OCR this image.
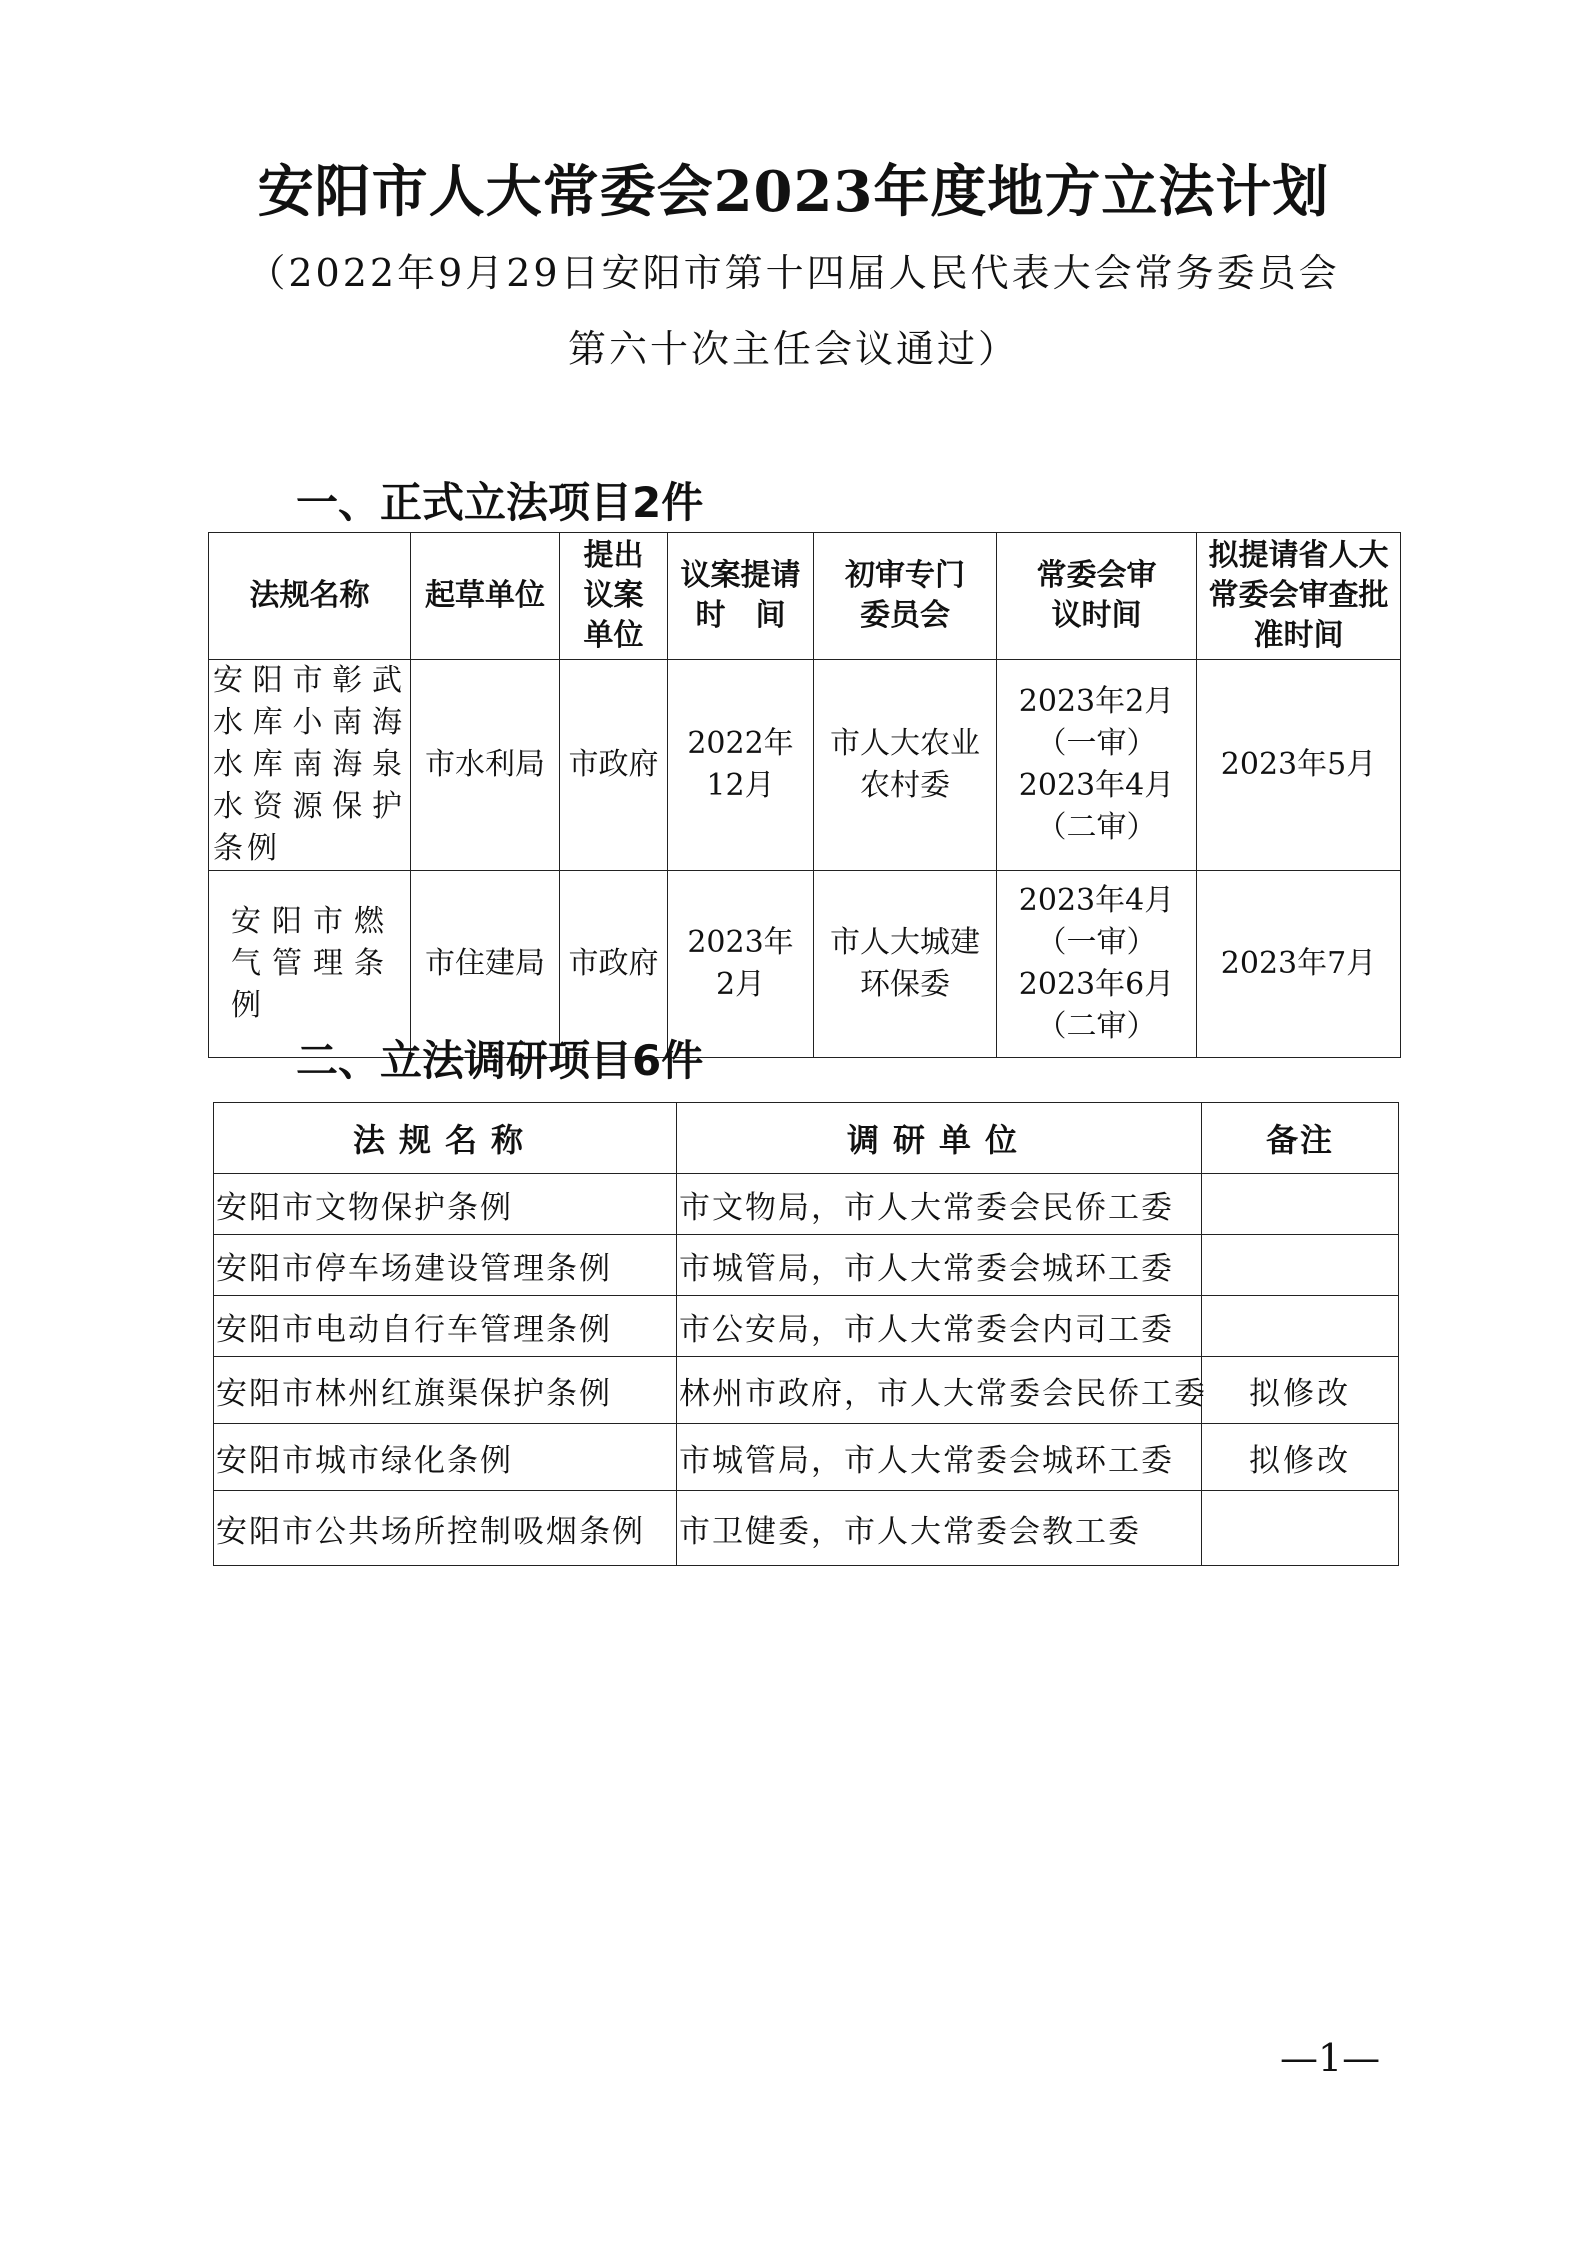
安阳市人大常委会2023年度地方立法计划
（2022年9月29日安阳市第十四届人民代表大会常务委员会
第六十次主任会议通过）
一、正式立法项目2件
法规名称	起草单位	提出议案单位	议案提请时　间	初审专门委员会	常委会审议时间	拟提请省人大常委会审查批准时间
安阳市彰武水库小南海水库南海泉水资源保护条例	市水利局	市政府	2022年12月	市人大农业农村委	2023年2月（一审）2023年4月（二审）	2023年5月
安阳市燃气管理条例	市住建局	市政府	2023年2月	市人大城建环保委	2023年4月（一审）2023年6月（二审）	2023年7月
二、立法调研项目6件
法规名称	调研单位	备注
安阳市文物保护条例	市文物局，市人大常委会民侨工委	
安阳市停车场建设管理条例	市城管局，市人大常委会城环工委	
安阳市电动自行车管理条例	市公安局，市人大常委会内司工委	
安阳市林州红旗渠保护条例	林州市政府，市人大常委会民侨工委	拟修改
安阳市城市绿化条例	市城管局，市人大常委会城环工委	拟修改
安阳市公共场所控制吸烟条例	市卫健委，市人大常委会教工委	
—1—
